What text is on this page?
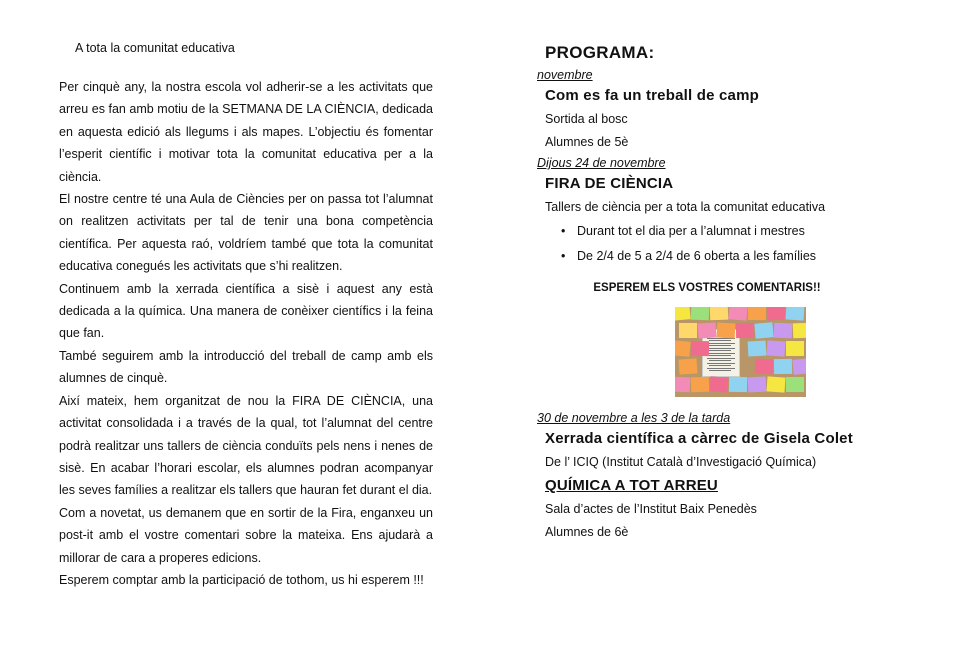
A tota la comunitat educativa

Per cinquè any, la nostra escola vol adherir-se a les activitats que arreu es fan amb motiu de la SETMANA DE LA CIÈNCIA, dedicada en aquesta edició als llegums i als mapes. L’objectiu és fomentar l’esperit científic i motivar tota la comunitat educativa per a la ciència.

El nostre centre té una Aula de Ciències per on passa tot l’alumnat on realitzen activitats per tal de tenir una bona competència científica. Per aquesta raó, voldríem també que tota la comunitat educativa conegués les activitats que s’hi realitzen.

Continuem amb la xerrada científica a sisè i aquest any està dedicada a la química. Una manera de conèixer científics i la feina que fan.

També seguirem amb la introducció del treball de camp amb els alumnes de cinquè.

Així mateix, hem organitzat de nou la FIRA DE CIÈNCIA, una activitat consolidada i a través de la qual, tot l’alumnat del centre podrà realitzar uns tallers de ciència conduïts pels nens i nenes de sisè. En acabar l’horari escolar, els alumnes podran acompanyar les seves famílies a realitzar els tallers que hauran fet durant el dia.

Com a novetat, us demanem que en sortir de la Fira, enganxeu un post-it amb el vostre comentari sobre la mateixa. Ens ajudarà a millorar de cara a properes edicions.

Esperem comptar amb la participació de tothom, us hi esperem !!!

PROGRAMA:
novembre
Com es fa un treball de camp
Sortida al bosc
Alumnes de 5è
Dijous 24 de novembre
FIRA DE CIÈNCIA
Tallers de ciència per a tota la comunitat educativa
• Durant tot el dia per a l’alumnat i mestres
• De 2/4 de 5 a 2/4 de 6 oberta a les famílies
ESPEREM ELS VOSTRES COMENTARIS!!
30 de novembre a les 3 de la tarda
Xerrada científica a càrrec de Gisela Colet
De l’ ICIQ (Institut Català d’Investigació Química)
QUÍMICA A TOT ARREU
Sala d’actes de l’Institut Baix Penedès
Alumnes de 6è
